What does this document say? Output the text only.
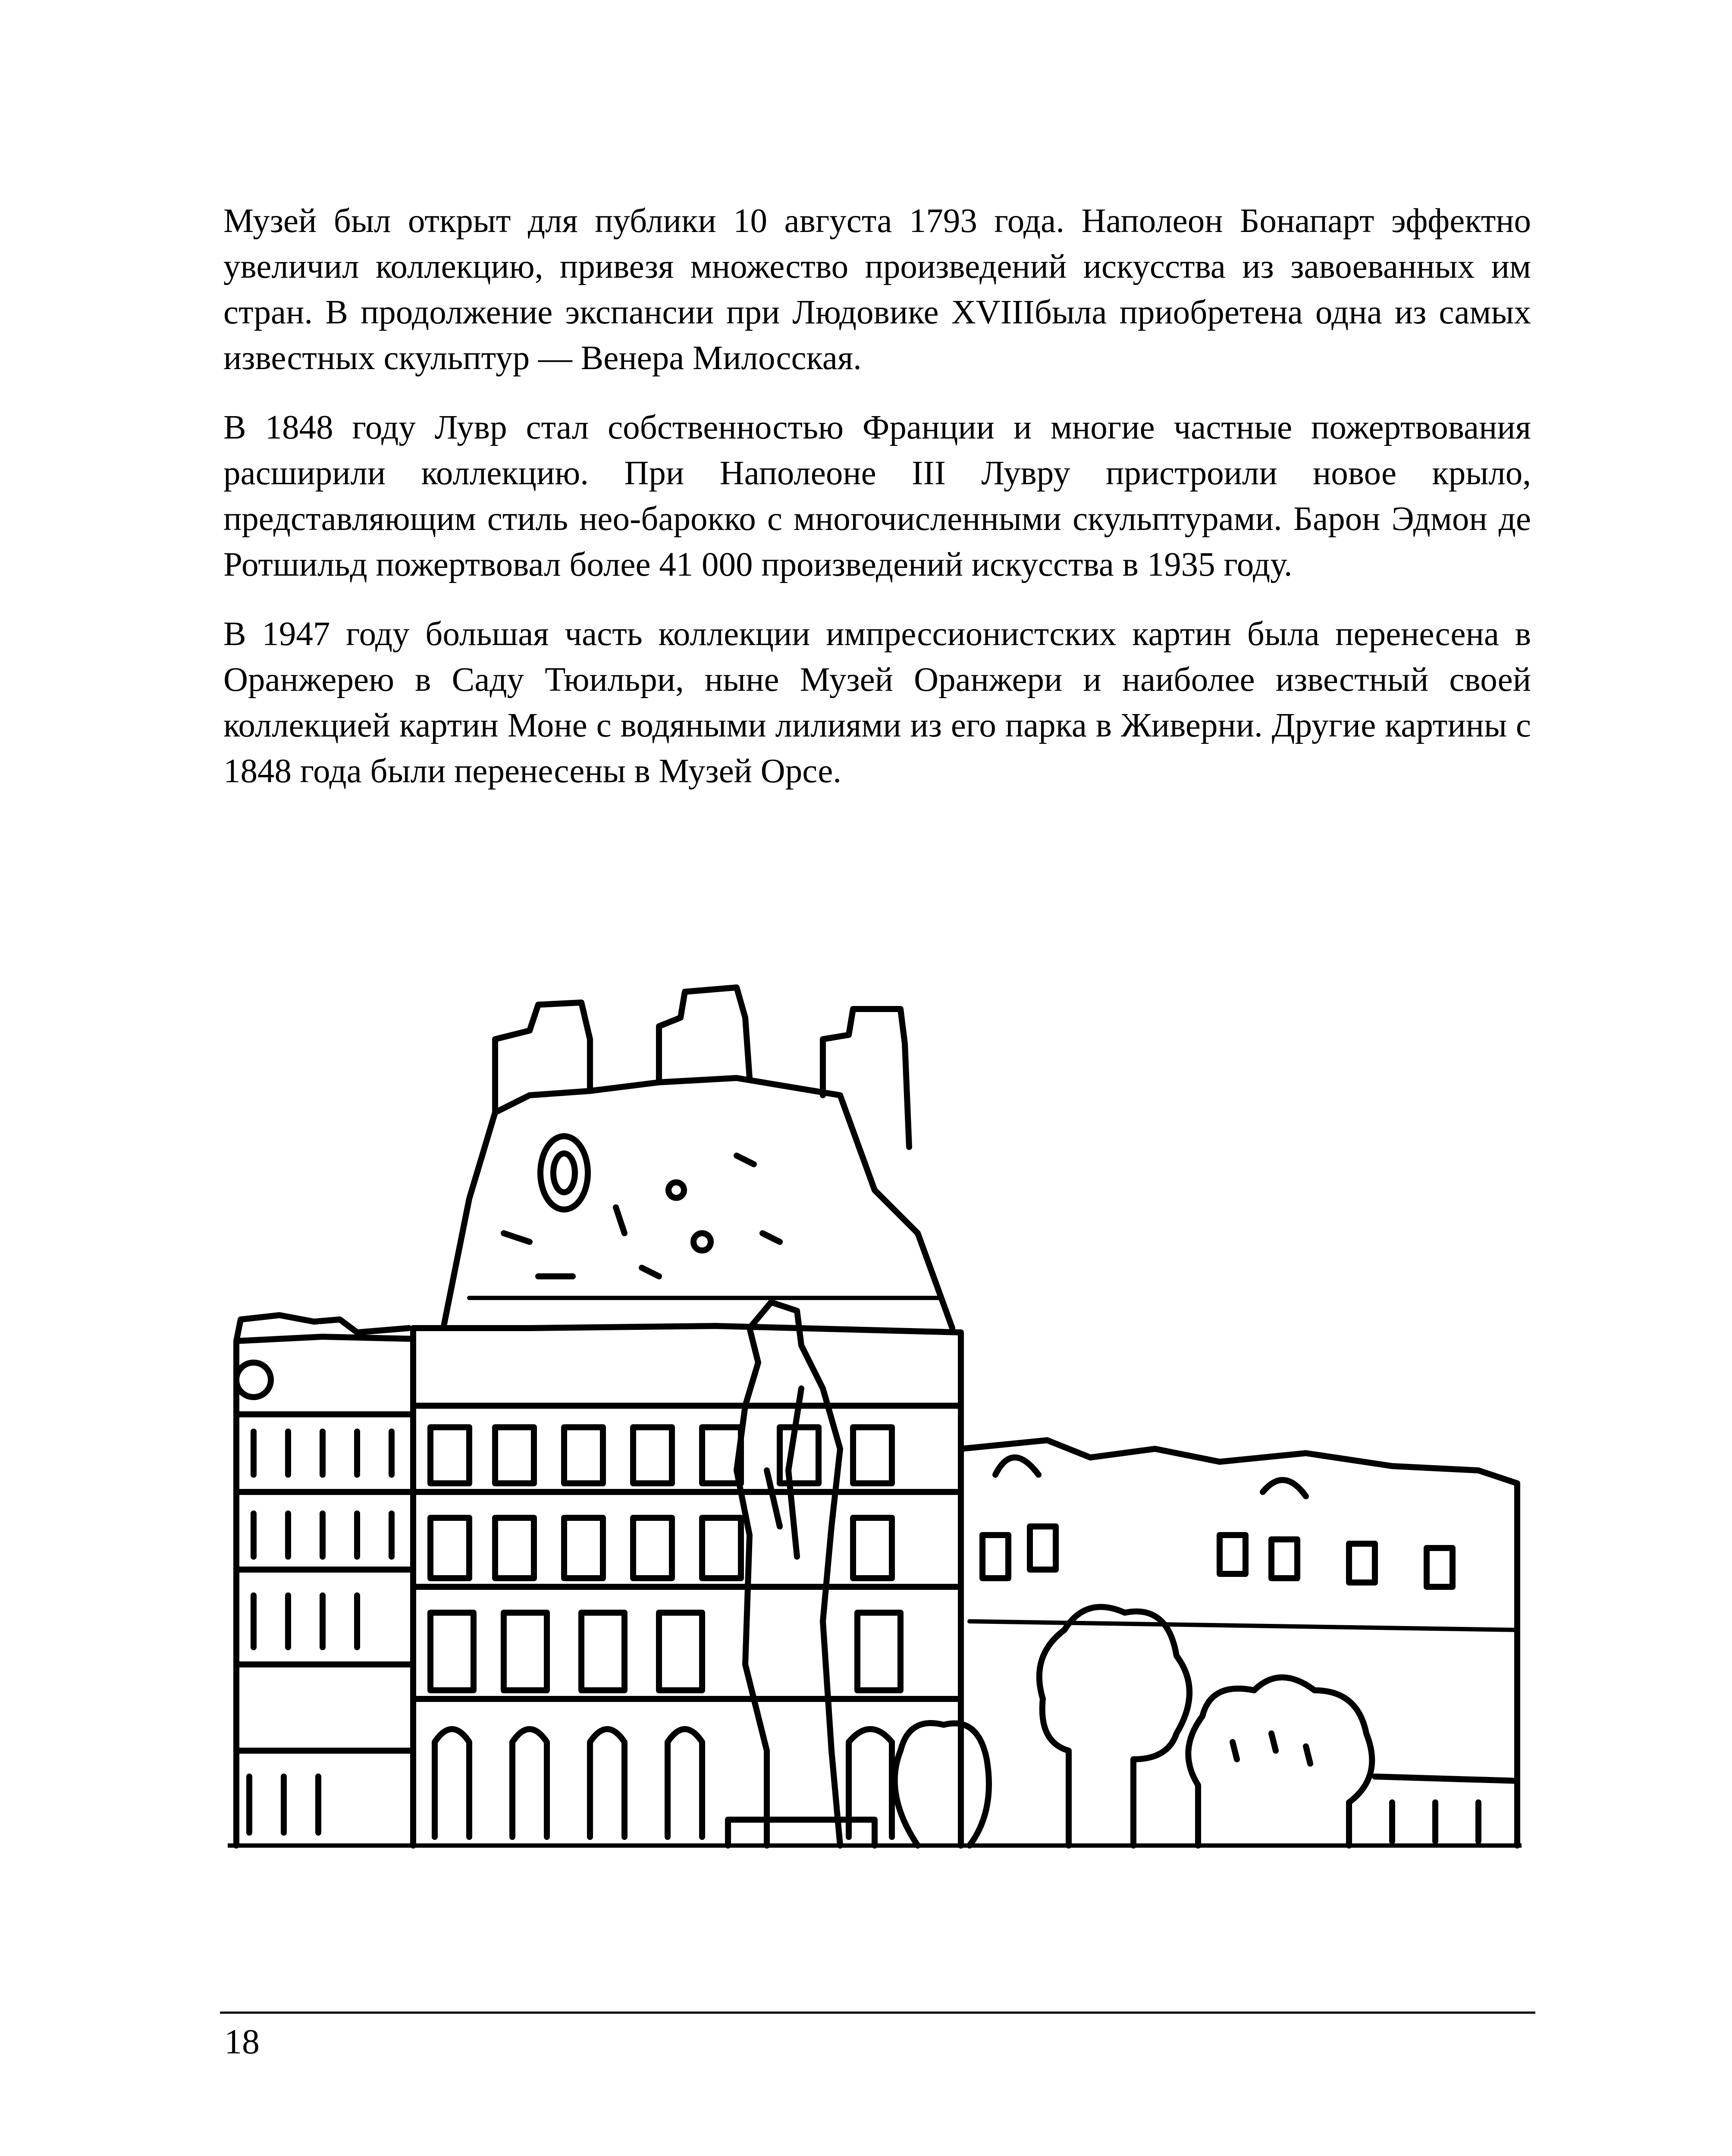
Музей был открыт для публики 10 августа 1793 года. Наполеон Бонапарт эффектно увеличил коллекцию, привезя множество произведений искусства из завоеванных им стран. В продолжение экспансии при Людовике XVIIIбыла приобретена одна из самых известных скульптур — Венера Милосская.

В 1848 году Лувр стал собственностью Франции и многие частные пожертвования расширили коллекцию. При Наполеоне III Лувру пристроили новое крыло, представляющим стиль нео-барокко с многочисленными скульптурами. Барон Эдмон де Ротшильд пожертвовал более 41 000 произведений искусства в 1935 году.

В 1947 году большая часть коллекции импрессионистских картин была перенесена в Оранжерею в Саду Тюильри, ныне Музей Оранжери и наиболее известный своей коллекцией картин Моне с водяными лилиями из его парка в Живерни. Другие картины с 1848 года были перенесены в Музей Орсе.

18
